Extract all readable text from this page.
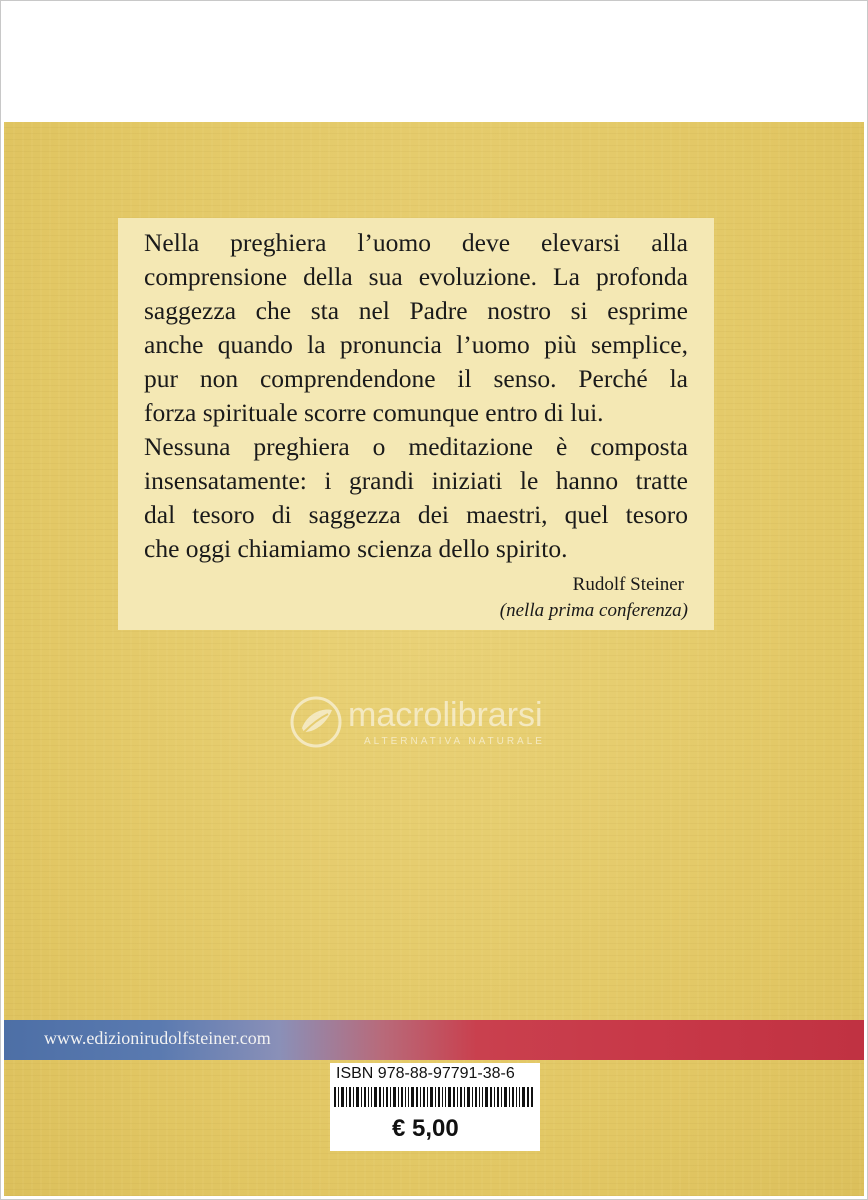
Nella preghiera l’uomo deve elevarsi alla
comprensione della sua evoluzione. La profonda
saggezza che sta nel Padre nostro si esprime
anche quando la pronuncia l’uomo più semplice,
pur non comprendendone il senso. Perché la
forza spirituale scorre comunque entro di lui.
Nessuna preghiera o meditazione è composta
insensatamente: i grandi iniziati le hanno tratte
dal tesoro di saggezza dei maestri, quel tesoro
che oggi chiamiamo scienza dello spirito.
Rudolf Steiner
(nella prima conferenza)
macrolibrarsi
ALTERNATIVA NATURALE
www.edizionirudolfsteiner.com
ISBN 978-88-97791-38-6
€ 5,00
